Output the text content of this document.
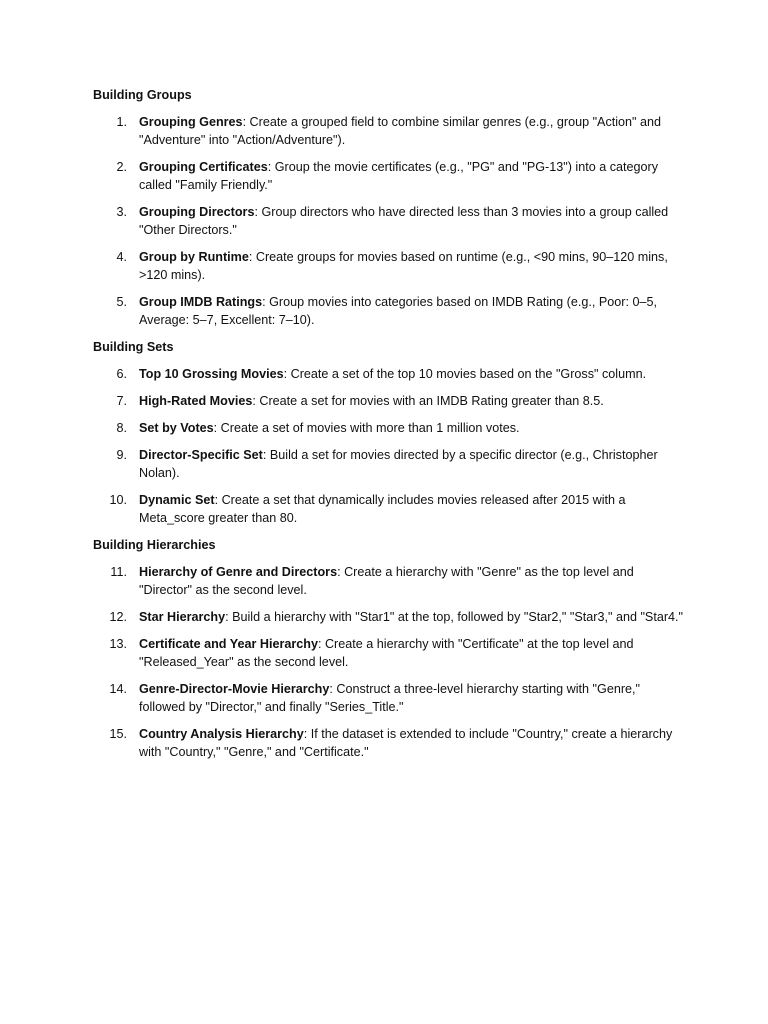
Building Groups
1. Grouping Genres: Create a grouped field to combine similar genres (e.g., group "Action" and "Adventure" into "Action/Adventure").
2. Grouping Certificates: Group the movie certificates (e.g., "PG" and "PG-13") into a category called "Family Friendly."
3. Grouping Directors: Group directors who have directed less than 3 movies into a group called "Other Directors."
4. Group by Runtime: Create groups for movies based on runtime (e.g., <90 mins, 90–120 mins, >120 mins).
5. Group IMDB Ratings: Group movies into categories based on IMDB Rating (e.g., Poor: 0–5, Average: 5–7, Excellent: 7–10).
Building Sets
6. Top 10 Grossing Movies: Create a set of the top 10 movies based on the "Gross" column.
7. High-Rated Movies: Create a set for movies with an IMDB Rating greater than 8.5.
8. Set by Votes: Create a set of movies with more than 1 million votes.
9. Director-Specific Set: Build a set for movies directed by a specific director (e.g., Christopher Nolan).
10. Dynamic Set: Create a set that dynamically includes movies released after 2015 with a Meta_score greater than 80.
Building Hierarchies
11. Hierarchy of Genre and Directors: Create a hierarchy with "Genre" as the top level and "Director" as the second level.
12. Star Hierarchy: Build a hierarchy with "Star1" at the top, followed by "Star2," "Star3," and "Star4."
13. Certificate and Year Hierarchy: Create a hierarchy with "Certificate" at the top level and "Released_Year" as the second level.
14. Genre-Director-Movie Hierarchy: Construct a three-level hierarchy starting with "Genre," followed by "Director," and finally "Series_Title."
15. Country Analysis Hierarchy: If the dataset is extended to include "Country," create a hierarchy with "Country," "Genre," and "Certificate."
